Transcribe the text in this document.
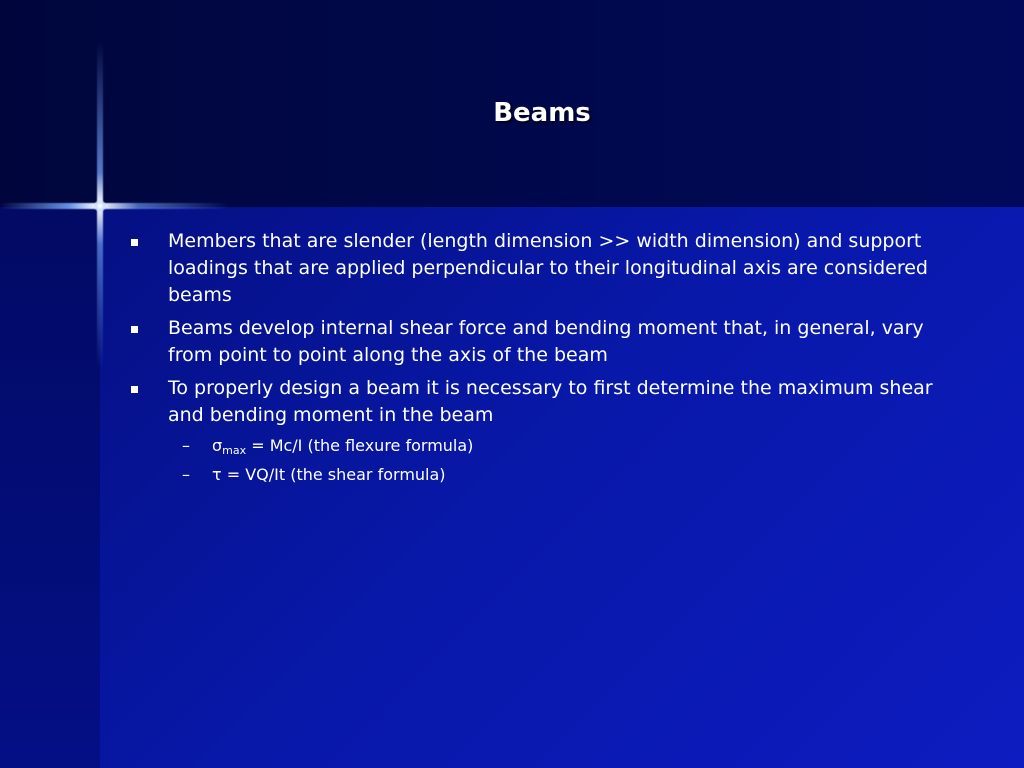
Beams
Members that are slender (length dimension >> width dimension) and support loadings that are applied perpendicular to their longitudinal axis are considered beams
Beams develop internal shear force and bending moment that, in general, vary from point to point along the axis of the beam
To properly design a beam it is necessary to first determine the maximum shear and bending moment in the beam
– $\sigma_{max} = Mc/I$ (the flexure formula)
– τ = VQ/It (the shear formula)
